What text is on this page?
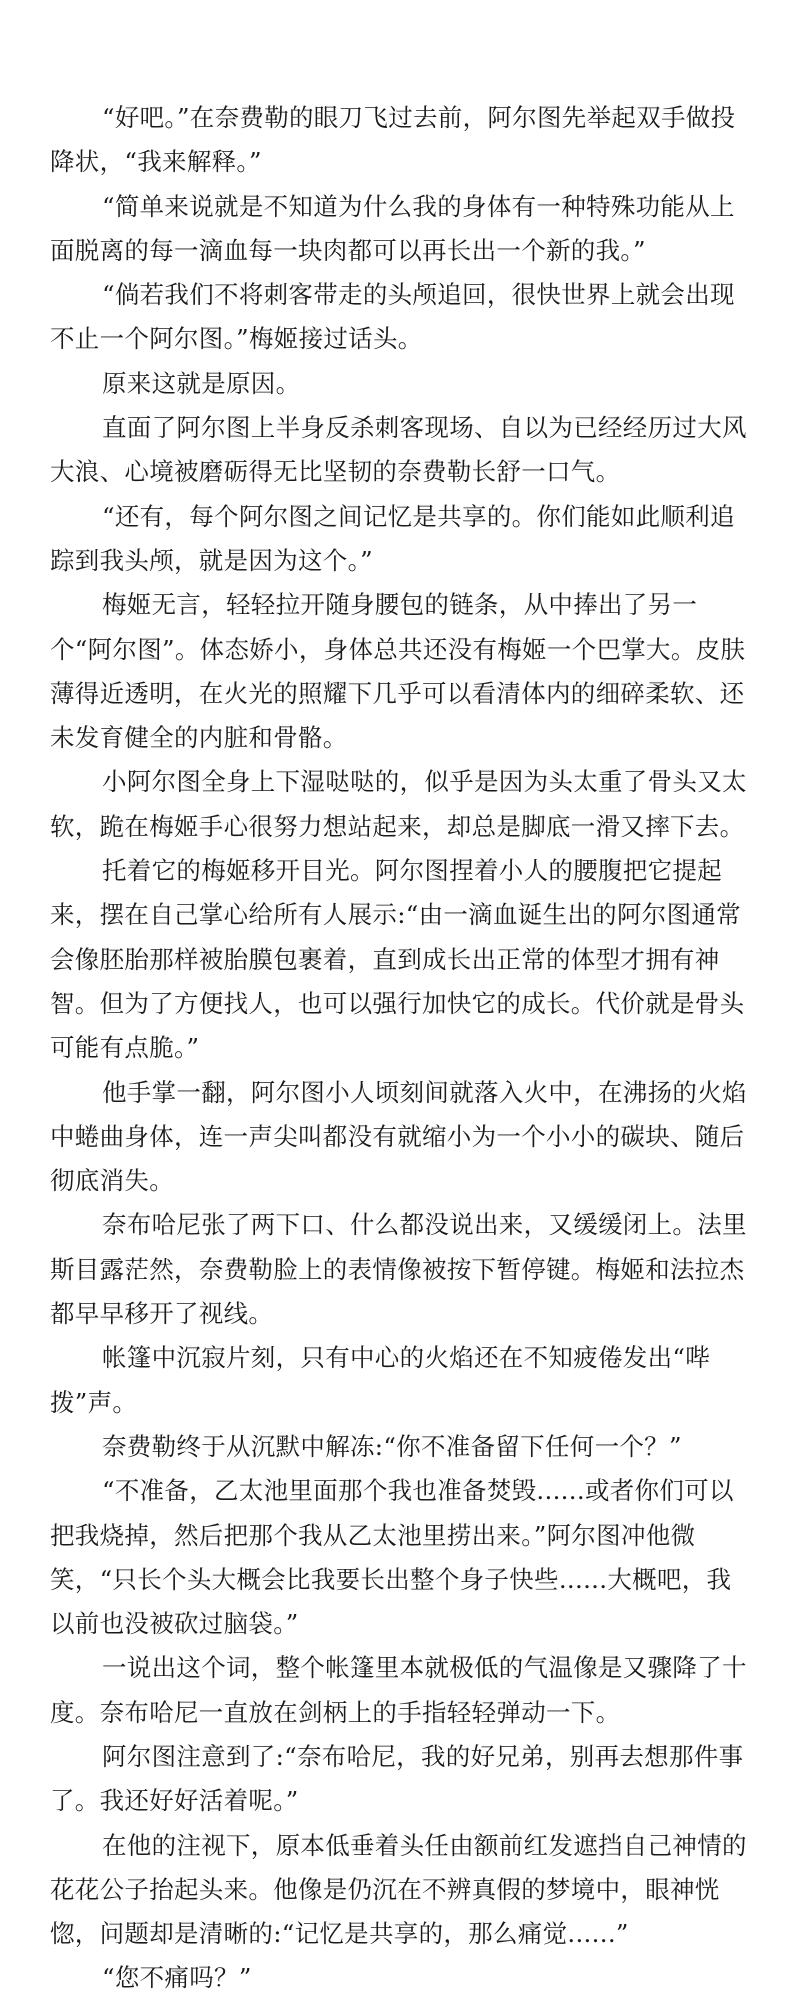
“好吧。”在奈费勒的眼刀飞过去前，阿尔图先举起双手做投降状，“我来解释。”

“简单来说就是不知道为什么我的身体有一种特殊功能从上面脱离的每一滴血每一块肉都可以再长出一个新的我。”

“倘若我们不将刺客带走的头颅追回，很快世界上就会出现不止一个阿尔图。”梅姬接过话头。

原来这就是原因。

直面了阿尔图上半身反杀刺客现场、自以为已经经历过大风大浪、心境被磨砺得无比坚韧的奈费勒长舒一口气。

“还有，每个阿尔图之间记忆是共享的。你们能如此顺利追踪到我头颅，就是因为这个。”

梅姬无言，轻轻拉开随身腰包的链条，从中捧出了另一个“阿尔图”。体态娇小，身体总共还没有梅姬一个巴掌大。皮肤薄得近透明，在火光的照耀下几乎可以看清体内的细碎柔软、还未发育健全的内脏和骨骼。

小阿尔图全身上下湿哒哒的，似乎是因为头太重了骨头又太软，跪在梅姬手心很努力想站起来，却总是脚底一滑又摔下去。

托着它的梅姬移开目光。阿尔图捏着小人的腰腹把它提起来，摆在自己掌心给所有人展示:“由一滴血诞生出的阿尔图通常会像胚胎那样被胎膜包裹着，直到成长出正常的体型才拥有神智。但为了方便找人，也可以强行加快它的成长。代价就是骨头可能有点脆。”

他手掌一翻，阿尔图小人顷刻间就落入火中，在沸扬的火焰中蜷曲身体，连一声尖叫都没有就缩小为一个小小的碳块、随后彻底消失。

奈布哈尼张了两下口、什么都没说出来，又缓缓闭上。法里斯目露茫然，奈费勒脸上的表情像被按下暂停键。梅姬和法拉杰都早早移开了视线。

帐篷中沉寂片刻，只有中心的火焰还在不知疲倦发出“哔拨”声。

奈费勒终于从沉默中解冻:“你不准备留下任何一个？”

“不准备，乙太池里面那个我也准备焚毁......或者你们可以把我烧掉，然后把那个我从乙太池里捞出来。”阿尔图冲他微笑，“只长个头大概会比我要长出整个身子快些......大概吧，我以前也没被砍过脑袋。”

一说出这个词，整个帐篷里本就极低的气温像是又骤降了十度。奈布哈尼一直放在剑柄上的手指轻轻弹动一下。

阿尔图注意到了:“奈布哈尼，我的好兄弟，别再去想那件事了。我还好好活着呢。”

在他的注视下，原本低垂着头任由额前红发遮挡自己神情的花花公子抬起头来。他像是仍沉在不辨真假的梦境中，眼神恍惚，问题却是清晰的:“记忆是共享的，那么痛觉......”

“您不痛吗？”
